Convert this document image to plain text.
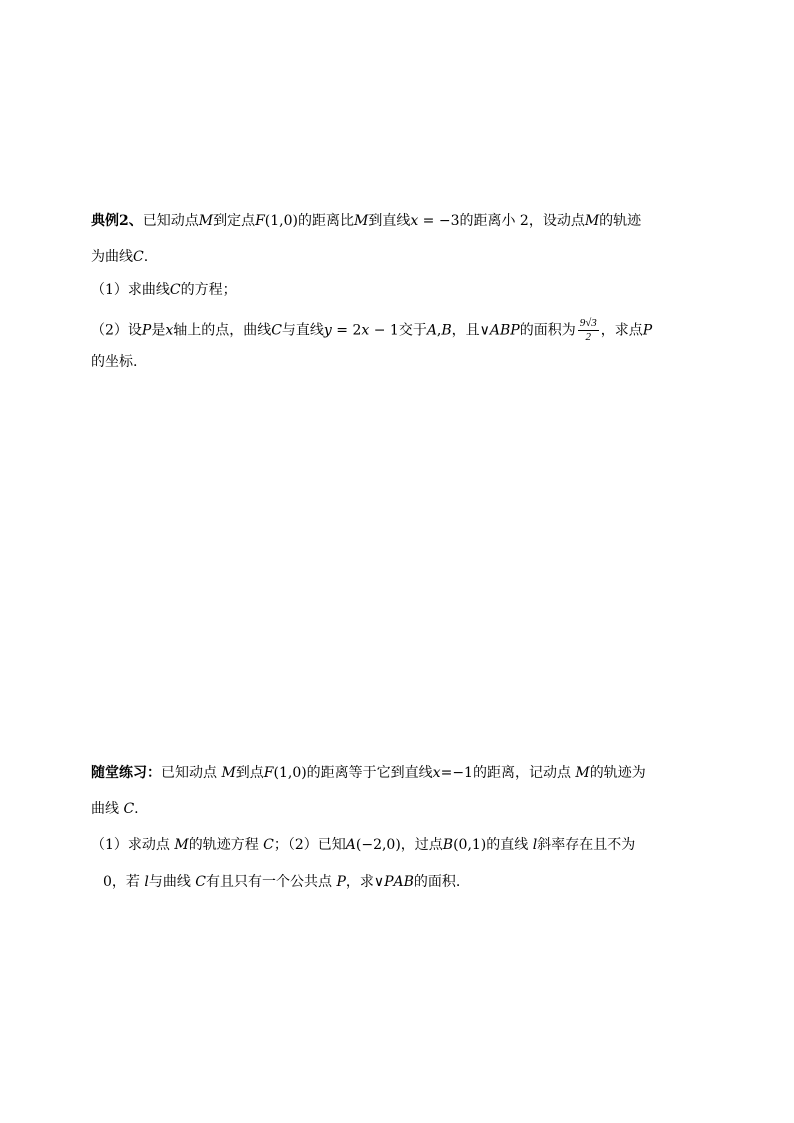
典例2、已知动点𝑀到定点𝐹(1,0)的距离比𝑀到直线𝑥 = −3的距离小 2，设动点𝑀的轨迹
为曲线𝐶.
（1）求曲线𝐶的方程；
（2）设𝑃是𝑥轴上的点，曲线𝐶与直线𝑦 = 2𝑥 − 1交于𝐴,𝐵，且∨𝐴𝐵𝑃的面积为 $\frac{9√3}{2}$ ，求点𝑃
的坐标.
随堂练习：已知动点 𝑀到点𝐹(1,0)的距离等于它到直线𝑥=−1的距离，记动点 𝑀的轨迹为
曲线 𝐶.
（1）求动点 𝑀的轨迹方程 𝐶；（2）已知𝐴(−2,0)，过点𝐵(0,1)的直线 𝑙斜率存在且不为
0，若 𝑙与曲线 𝐶有且只有一个公共点 𝑃，求∨𝑃𝐴𝐵的面积.
